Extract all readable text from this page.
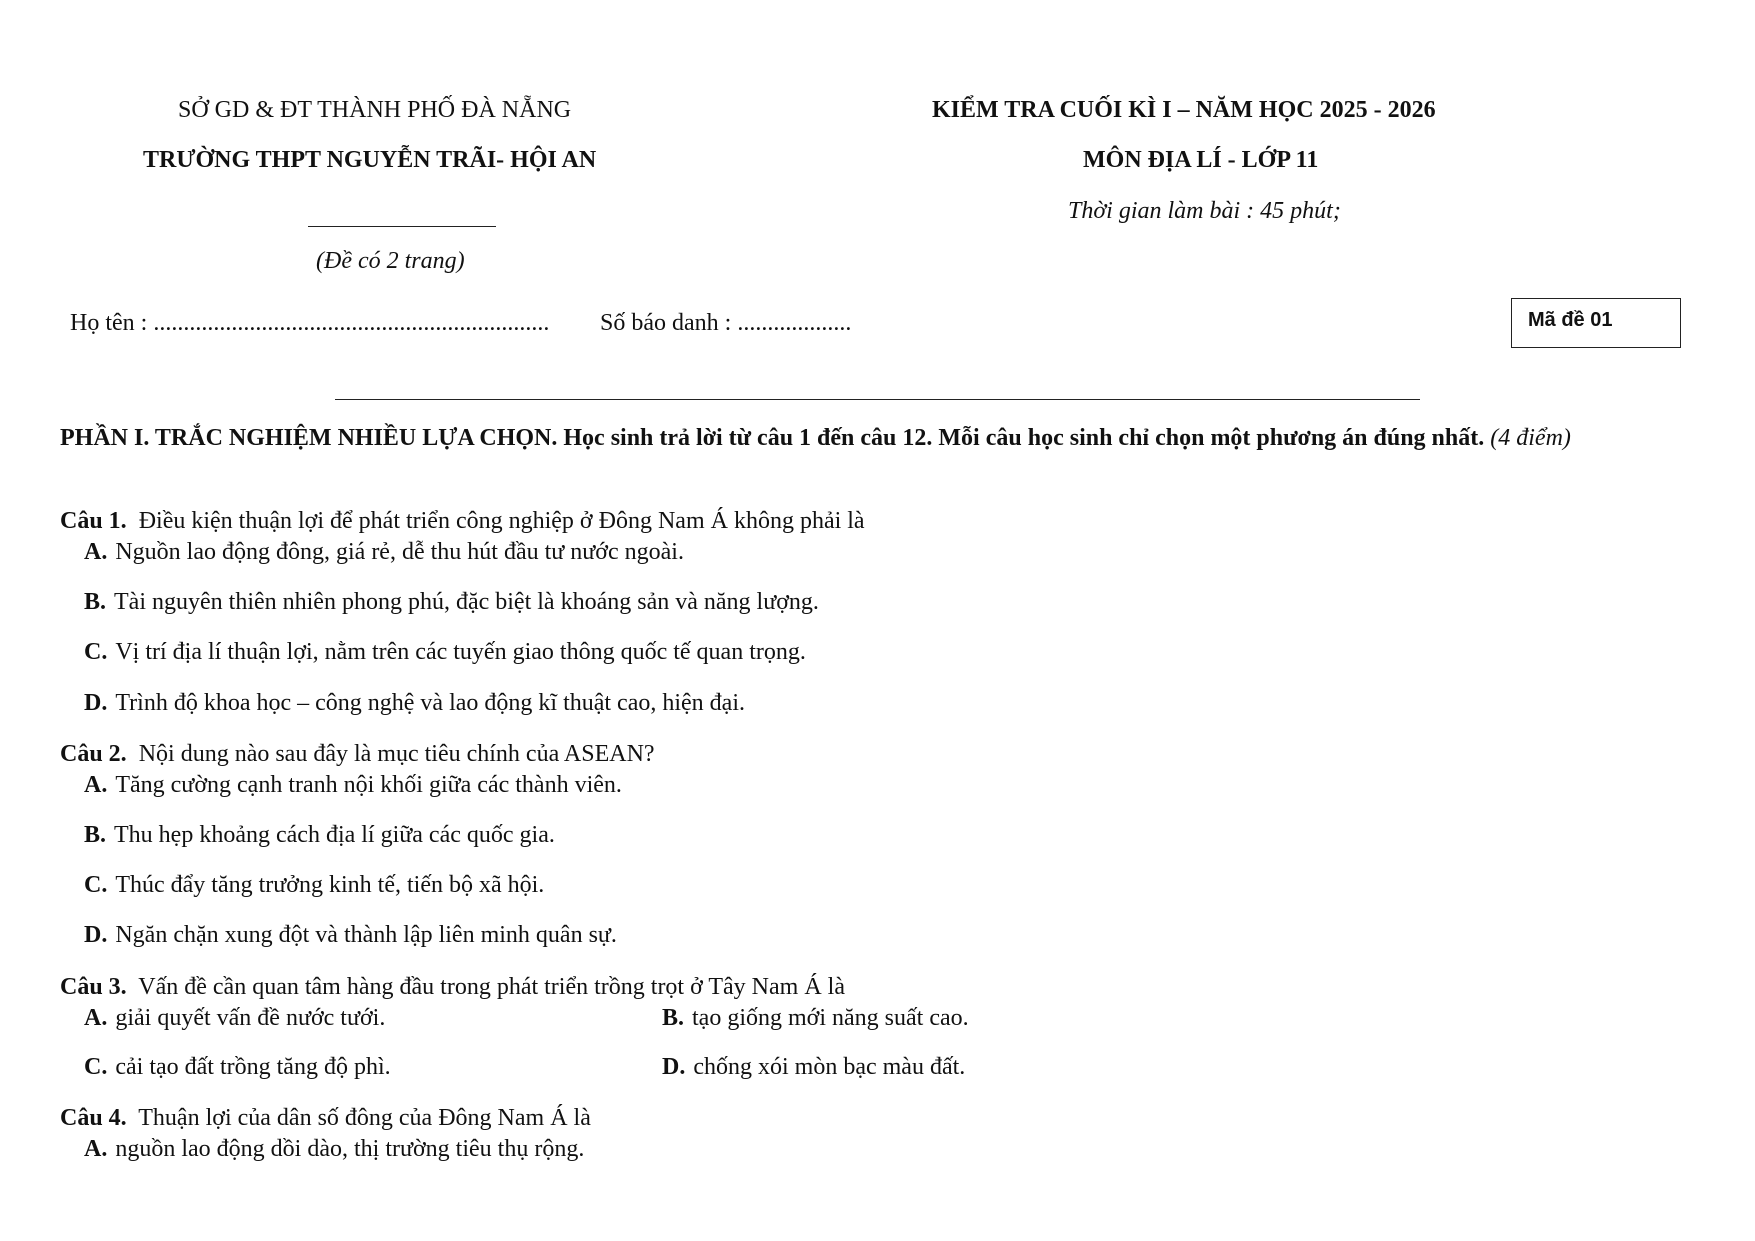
SỞ GD & ĐT THÀNH PHỐ ĐÀ NẴNG
TRƯỜNG THPT NGUYỄN TRÃI- HỘI AN
(Đề có 2 trang)
KIỂM TRA CUỐI KÌ I – NĂM HỌC 2025 - 2026
MÔN ĐỊA LÍ - LỚP 11
Thời gian làm bài : 45 phút;
Họ tên : .................................................................. Số báo danh : ...................	Mã đề 01
PHẦN I. TRẮC NGHIỆM NHIỀU LỰA CHỌN. Học sinh trả lời từ câu 1 đến câu 12. Mỗi câu học sinh chỉ chọn một phương án đúng nhất. (4 điểm)
Câu 1. Điều kiện thuận lợi để phát triển công nghiệp ở Đông Nam Á không phải là
A. Nguồn lao động đông, giá rẻ, dễ thu hút đầu tư nước ngoài.
B. Tài nguyên thiên nhiên phong phú, đặc biệt là khoáng sản và năng lượng.
C. Vị trí địa lí thuận lợi, nằm trên các tuyến giao thông quốc tế quan trọng.
D. Trình độ khoa học – công nghệ và lao động kĩ thuật cao, hiện đại.
Câu 2. Nội dung nào sau đây là mục tiêu chính của ASEAN?
A. Tăng cường cạnh tranh nội khối giữa các thành viên.
B. Thu hẹp khoảng cách địa lí giữa các quốc gia.
C. Thúc đẩy tăng trưởng kinh tế, tiến bộ xã hội.
D. Ngăn chặn xung đột và thành lập liên minh quân sự.
Câu 3. Vấn đề cần quan tâm hàng đầu trong phát triển trồng trọt ở Tây Nam Á là
A. giải quyết vấn đề nước tưới.	B. tạo giống mới năng suất cao.
C. cải tạo đất trồng tăng độ phì.	D. chống xói mòn bạc màu đất.
Câu 4. Thuận lợi của dân số đông của Đông Nam Á là
A. nguồn lao động dồi dào, thị trường tiêu thụ rộng.
